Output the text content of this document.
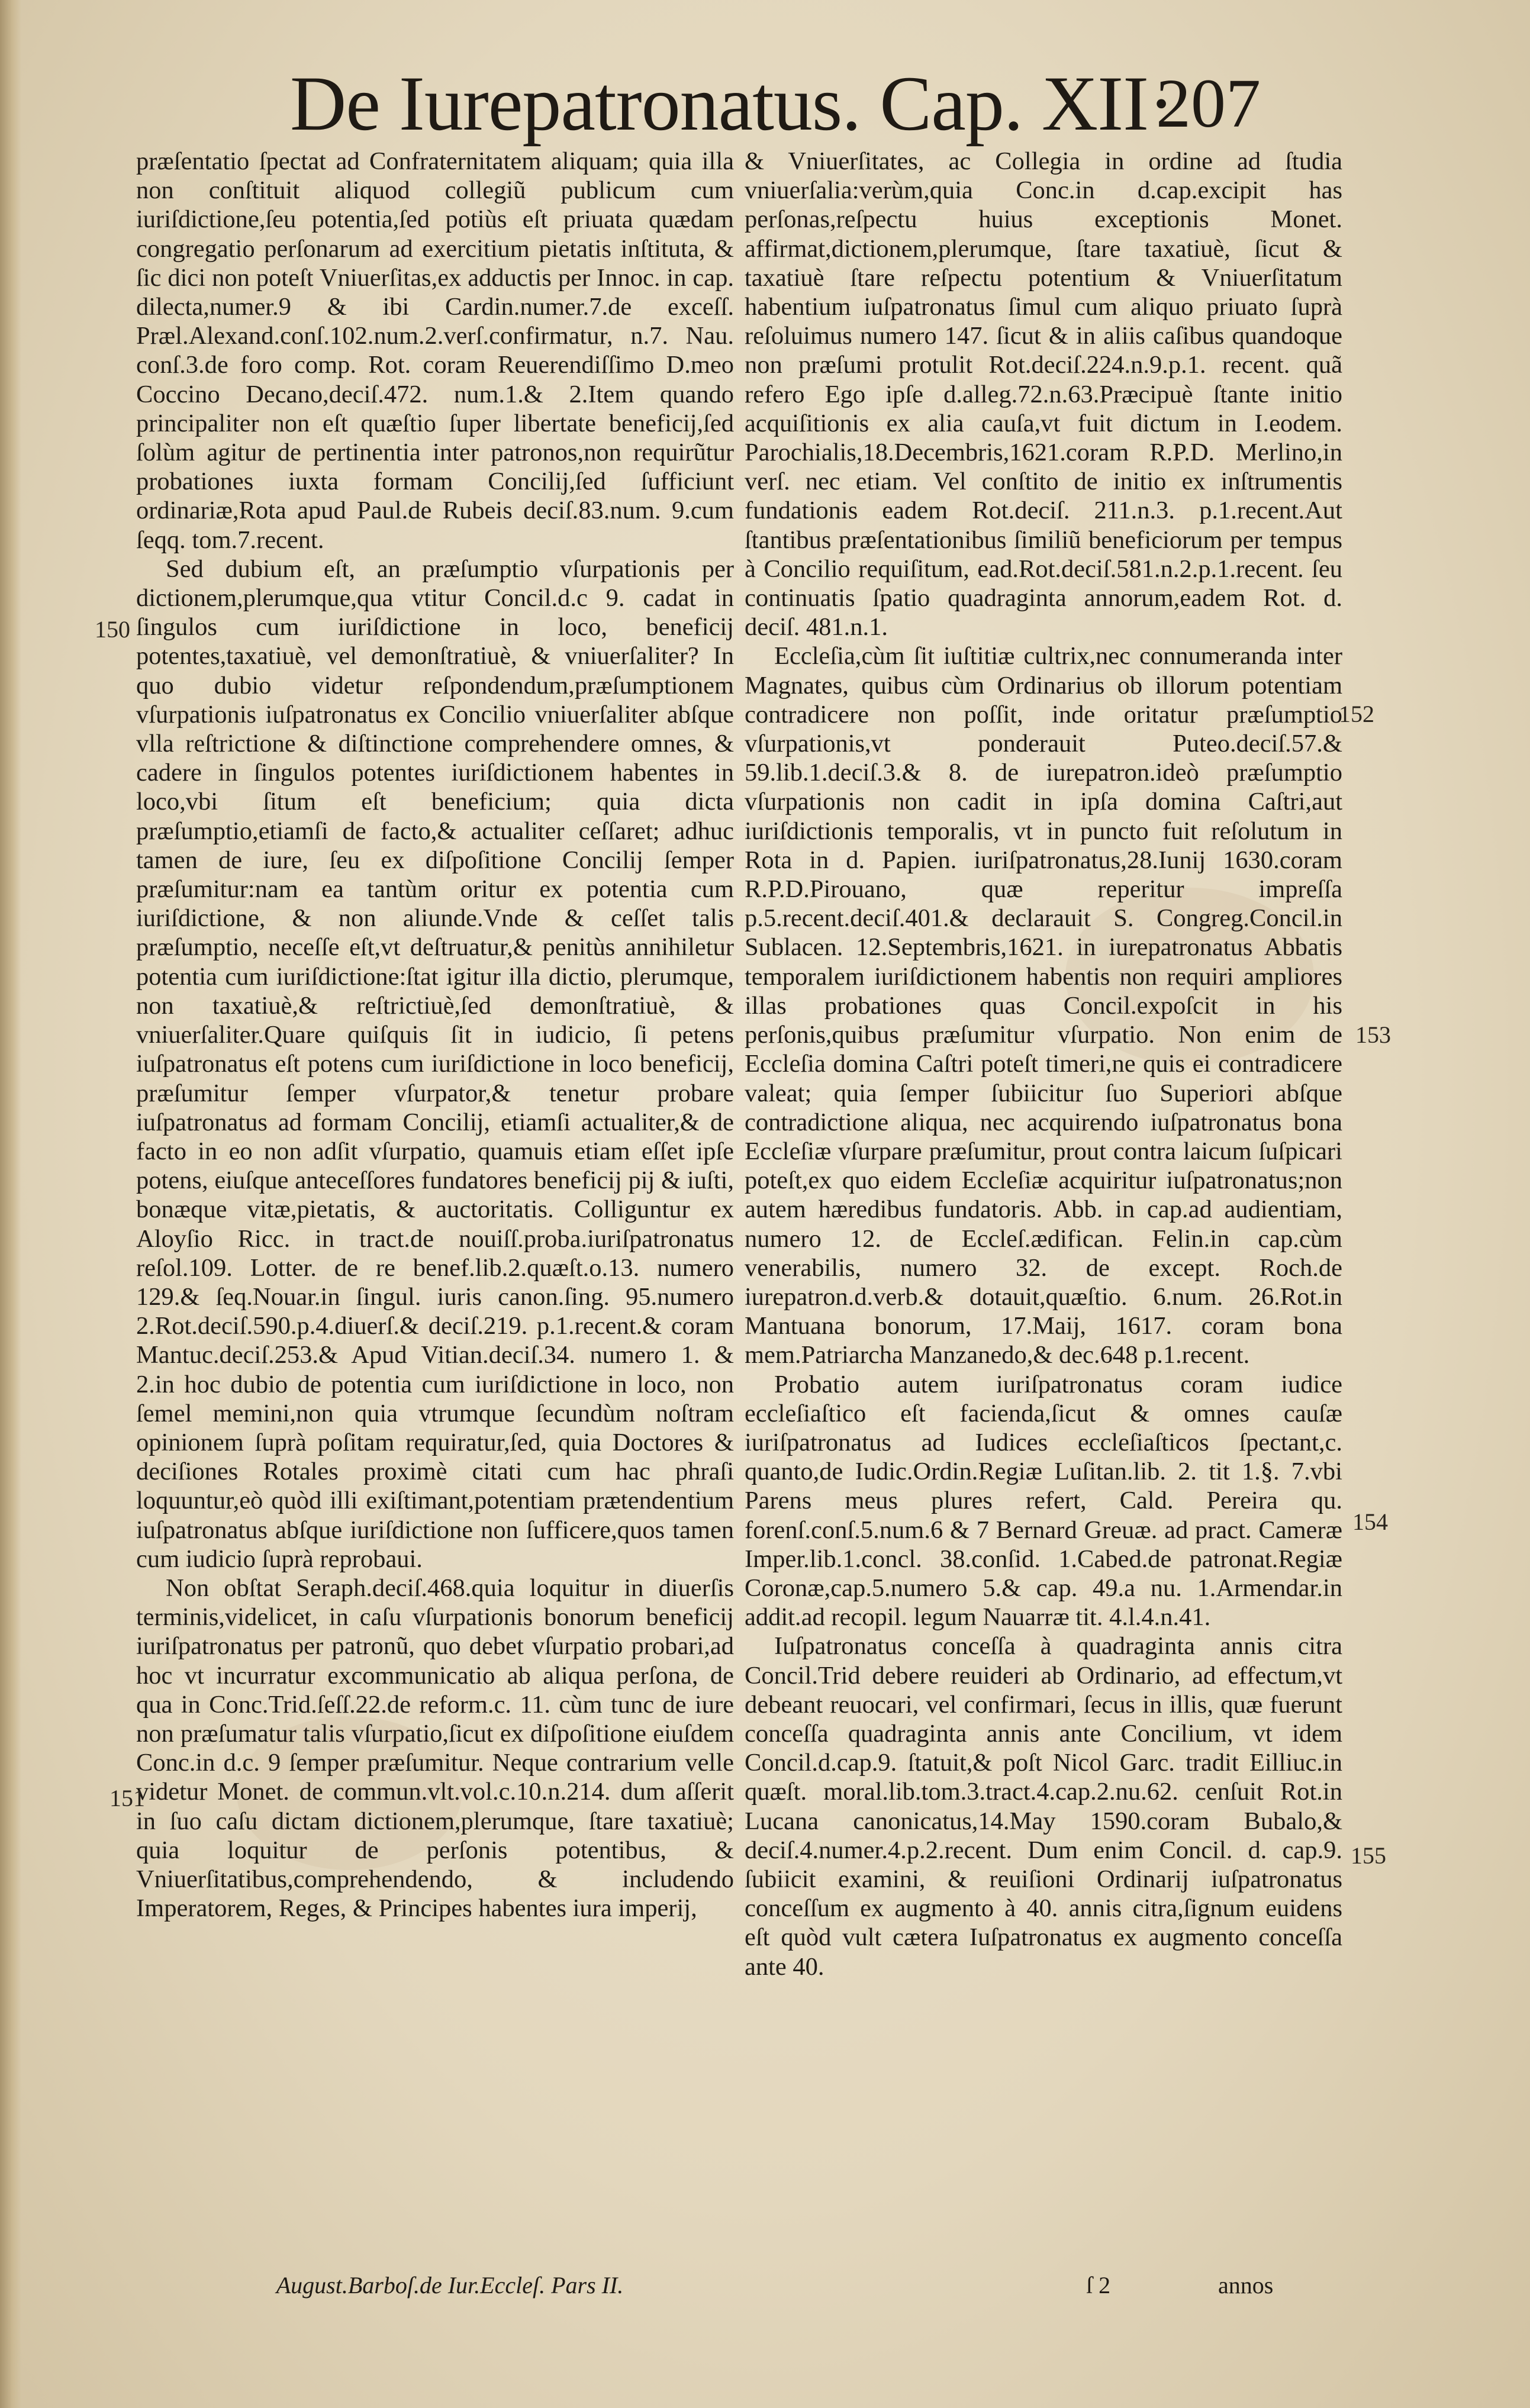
De Iurepatronatus. Cap. XII·
207

præſentatio ſpectat ad Confraternitatem aliquam; quia illa non conſtituit aliquod collegiũ publicum cum iuriſdictione,ſeu potentia,ſed potiùs eſt priuata quædam congregatio perſonarum ad exercitium pietatis inſtituta, & ſic dici non poteſt Vniuerſitas,ex adductis per Innoc. in cap. dilecta,numer.9 & ibi Cardin.numer.7.de exceſſ. Præl.Alexand.conſ.102.num.2.verſ.confirmatur, n.7. Nau. conſ.3.de foro comp. Rot. coram Reuerendiſſimo D.meo Coccino Decano,deciſ.472. num.1.& 2.Item quando principaliter non eſt quæſtio ſuper libertate beneficij,ſed ſolùm agitur de pertinentia inter patronos,non requirũtur probationes iuxta formam Concilij,ſed ſufficiunt ordinariæ,Rota apud Paul.de Rubeis deciſ.83.num. 9.cum ſeqq. tom.7.recent.

Sed dubium eſt, an præſumptio vſurpationis per dictionem,plerumque,qua vtitur Concil.d.c 9. cadat in ſingulos cum iuriſdictione in loco, beneficij potentes,taxatiuè, vel demonſtratiuè, & vniuerſaliter? In quo dubio videtur reſpondendum,præſumptionem vſurpationis iuſpatronatus ex Concilio vniuerſaliter abſque vlla reſtrictione & diſtinctione comprehendere omnes, & cadere in ſingulos potentes iuriſdictionem habentes in loco,vbi ſitum eſt beneficium; quia dicta præſumptio,etiamſi de facto,& actualiter ceſſaret; adhuc tamen de iure, ſeu ex diſpoſitione Concilij ſemper præſumitur:nam ea tantùm oritur ex potentia cum iuriſdictione, & non aliunde.Vnde & ceſſet talis præſumptio, neceſſe eſt,vt deſtruatur,& penitùs annihiletur potentia cum iuriſdictione:ſtat igitur illa dictio, plerumque, non taxatiuè,& reſtrictiuè,ſed demonſtratiuè, & vniuerſaliter.Quare quiſquis ſit in iudicio, ſi petens iuſpatronatus eſt potens cum iuriſdictione in loco beneficij, præſumitur ſemper vſurpator,& tenetur probare iuſpatronatus ad formam Concilij, etiamſi actualiter,& de facto in eo non adſit vſurpatio, quamuis etiam eſſet ipſe potens, eiuſque anteceſſores fundatores beneficij pij & iuſti, bonæque vitæ,pietatis, & auctoritatis. Colliguntur ex Aloyſio Ricc. in tract.de nouiſſ.proba.iuriſpatronatus reſol.109. Lotter. de re benef.lib.2.quæſt.o.13. numero 129.& ſeq.Nouar.in ſingul. iuris canon.ſing. 95.numero 2.Rot.deciſ.590.p.4.diuerſ.& deciſ.219. p.1.recent.& coram Mantuc.deciſ.253.& Apud Vitian.deciſ.34. numero 1. & 2.in hoc dubio de potentia cum iuriſdictione in loco, non ſemel memini,non quia vtrumque ſecundùm noſtram opinionem ſuprà poſitam requiratur,ſed, quia Doctores & deciſiones Rotales proximè citati cum hac phraſi loquuntur,eò quòd illi exiſtimant,potentiam prætendentium iuſpatronatus abſque iuriſdictione non ſufficere,quos tamen cum iudicio ſuprà reprobaui.

Non obſtat Seraph.deciſ.468.quia loquitur in diuerſis terminis,videlicet, in caſu vſurpationis bonorum beneficij iuriſpatronatus per patronũ, quo debet vſurpatio probari,ad hoc vt incurratur excommunicatio ab aliqua perſona, de qua in Conc.Trid.ſeſſ.22.de reform.c. 11. cùm tunc de iure non præſumatur talis vſurpatio,ſicut ex diſpoſitione eiuſdem Conc.in d.c. 9 ſemper præſumitur. Neque contrarium velle videtur Monet. de commun.vlt.vol.c.10.n.214. dum aſſerit in ſuo caſu dictam dictionem,plerumque, ſtare taxatiuè; quia loquitur de perſonis potentibus, & Vniuerſitatibus,comprehendendo, & includendo Imperatorem, Reges, & Principes habentes iura imperij,

& Vniuerſitates, ac Collegia in ordine ad ſtudia vniuerſalia:verùm,quia Conc.in d.cap.excipit has perſonas,reſpectu huius exceptionis Monet. affirmat,dictionem,plerumque, ſtare taxatiuè, ſicut & taxatiuè ſtare reſpectu potentium & Vniuerſitatum habentium iuſpatronatus ſimul cum aliquo priuato ſuprà reſoluimus numero 147. ſicut & in aliis caſibus quandoque non præſumi protulit Rot.deciſ.224.n.9.p.1. recent. quã refero Ego ipſe d.alleg.72.n.63.Præcipuè ſtante initio acquiſitionis ex alia cauſa,vt fuit dictum in I.eodem. Parochialis,18.Decembris,1621.coram R.P.D. Merlino,in verſ. nec etiam. Vel conſtito de initio ex inſtrumentis fundationis eadem Rot.deciſ. 211.n.3. p.1.recent.Aut ſtantibus præſentationibus ſimiliũ beneficiorum per tempus à Concilio requiſitum, ead.Rot.deciſ.581.n.2.p.1.recent. ſeu continuatis ſpatio quadraginta annorum,eadem Rot. d. deciſ. 481.n.1.

Eccleſia,cùm ſit iuſtitiæ cultrix,nec connumeranda inter Magnates, quibus cùm Ordinarius ob illorum potentiam contradicere non poſſit, inde oritatur præſumptio vſurpationis,vt ponderauit Puteo.deciſ.57.& 59.lib.1.deciſ.3.& 8. de iurepatron.ideò præſumptio vſurpationis non cadit in ipſa domina Caſtri,aut iuriſdictionis temporalis, vt in puncto fuit reſolutum in Rota in d. Papien. iuriſpatronatus,28.Iunij 1630.coram R.P.D.Pirouano, quæ reperitur impreſſa p.5.recent.deciſ.401.& declarauit S. Congreg.Concil.in Sublacen. 12.Septembris,1621. in iurepatronatus Abbatis temporalem iuriſdictionem habentis non requiri ampliores illas probationes quas Concil.expoſcit in his perſonis,quibus præſumitur vſurpatio. Non enim de Eccleſia domina Caſtri poteſt timeri,ne quis ei contradicere valeat; quia ſemper ſubiicitur ſuo Superiori abſque contradictione aliqua, nec acquirendo iuſpatronatus bona Eccleſiæ vſurpare præſumitur, prout contra laicum ſuſpicari poteſt,ex quo eidem Eccleſiæ acquiritur iuſpatronatus;non autem hæredibus fundatoris. Abb. in cap.ad audientiam, numero 12. de Eccleſ.ædifican. Felin.in cap.cùm venerabilis, numero 32. de except. Roch.de iurepatron.d.verb.& dotauit,quæſtio. 6.num. 26.Rot.in Mantuana bonorum, 17.Maij, 1617. coram bona mem.Patriarcha Manzanedo,& dec.648 p.1.recent.

Probatio autem iuriſpatronatus coram iudice eccleſiaſtico eſt facienda,ſicut & omnes cauſæ iuriſpatronatus ad Iudices eccleſiaſticos ſpectant,c. quanto,de Iudic.Ordin.Regiæ Luſitan.lib. 2. tit 1.§. 7.vbi Parens meus plures refert, Cald. Pereira qu. forenſ.conſ.5.num.6 & 7 Bernard Greuæ. ad pract. Cameræ Imper.lib.1.concl. 38.conſid. 1.Cabed.de patronat.Regiæ Coronæ,cap.5.numero 5.& cap. 49.a nu. 1.Armendar.in addit.ad recopil. legum Nauarræ tit. 4.l.4.n.41.

Iuſpatronatus conceſſa à quadraginta annis citra Concil.Trid debere reuideri ab Ordinario, ad effectum,vt debeant reuocari, vel confirmari, ſecus in illis, quæ fuerunt conceſſa quadraginta annis ante Concilium, vt idem Concil.d.cap.9. ſtatuit,& poſt Nicol Garc. tradit Eilliuc.in quæſt. moral.lib.tom.3.tract.4.cap.2.nu.62. cenſuit Rot.in Lucana canonicatus,14.May 1590.coram Bubalo,& deciſ.4.numer.4.p.2.recent. Dum enim Concil. d. cap.9. ſubiicit examini, & reuiſioni Ordinarij iuſpatronatus conceſſum ex augmento à 40. annis citra,ſignum euidens eſt quòd vult cætera Iuſpatronatus ex augmento conceſſa ante 40.

150
151
152
153
154
155
August.Barboſ.de Iur.Eccleſ. Pars II.	ſ 2	annos
